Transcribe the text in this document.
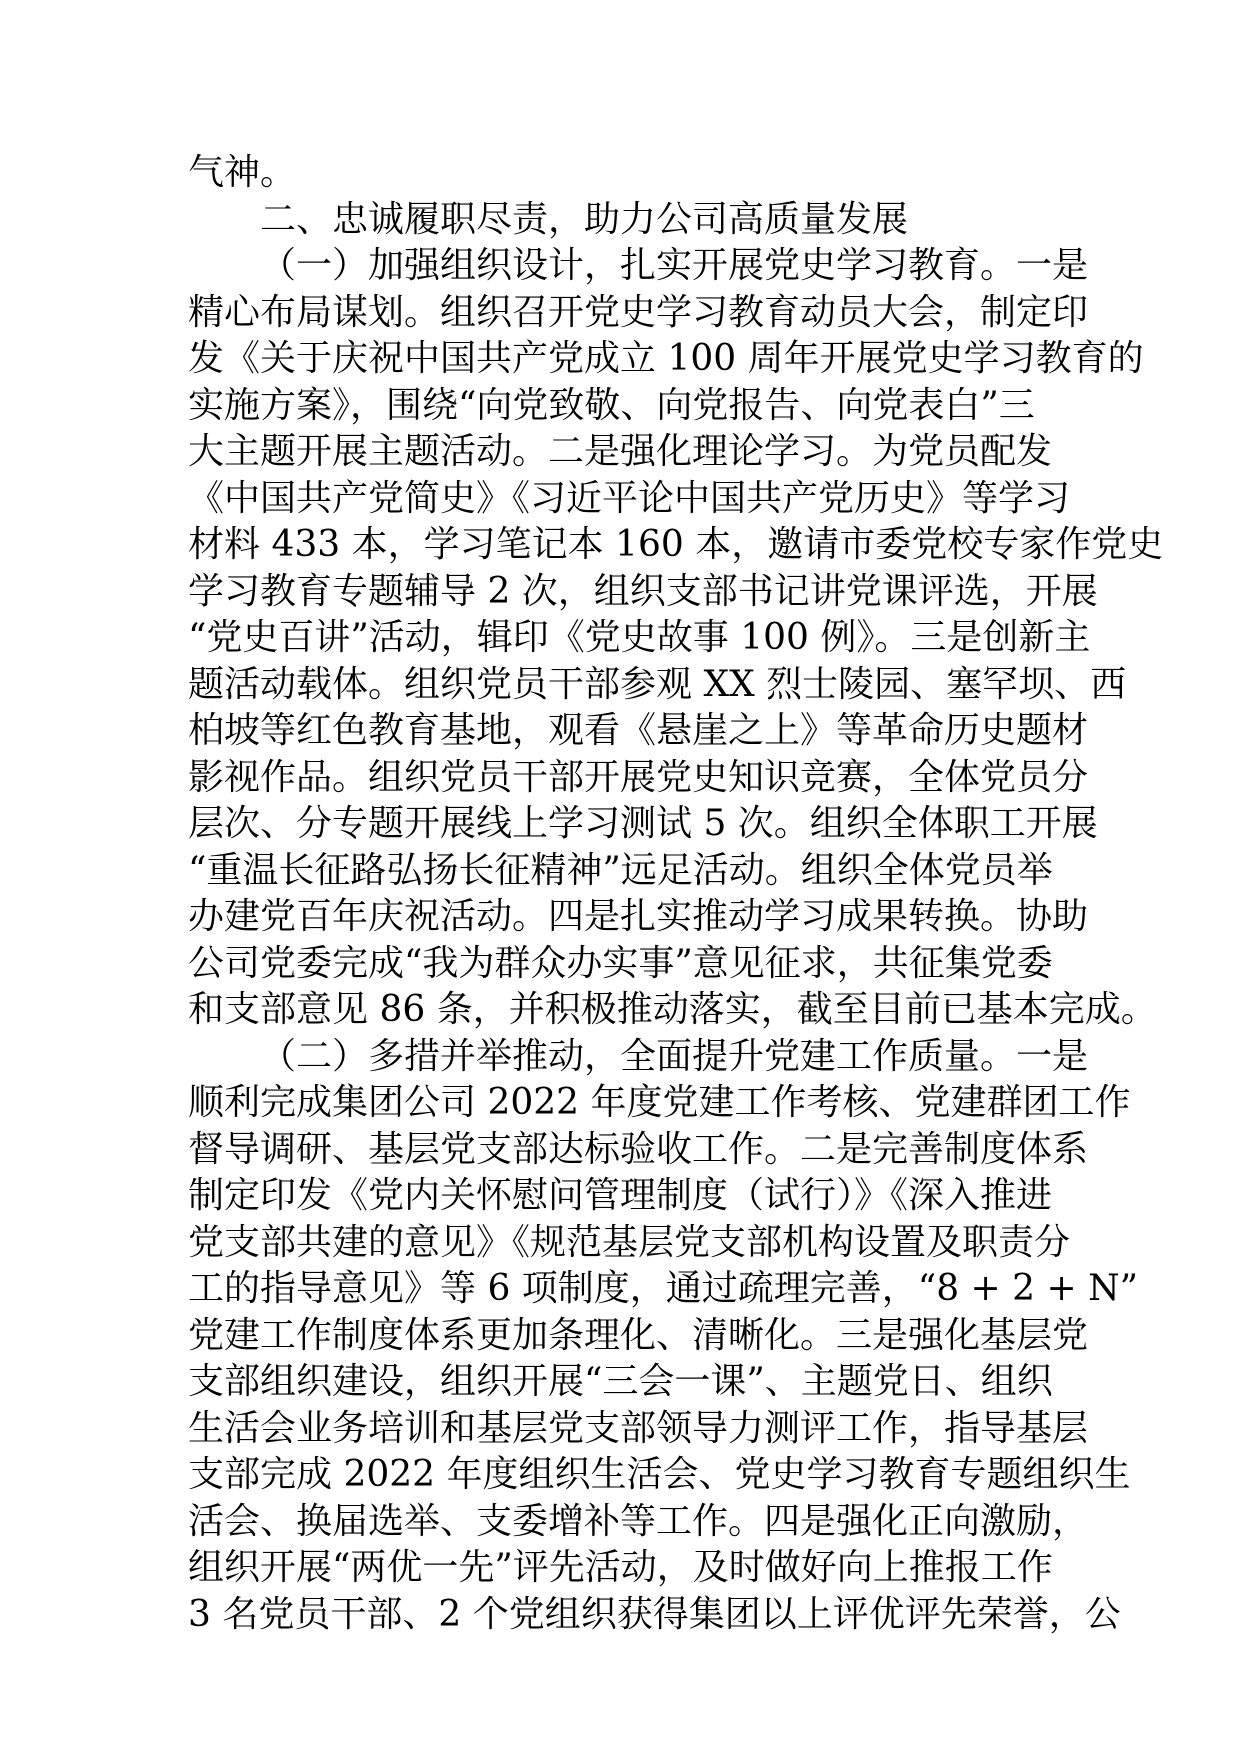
气神。
二、忠诚履职尽责，助力公司高质量发展
（一）加强组织设计，扎实开展党史学习教育。一是
精心布局谋划。组织召开党史学习教育动员大会，制定印
发《关于庆祝中国共产党成立 100 周年开展党史学习教育的
实施方案》，围绕“向党致敬、向党报告、向党表白”三
大主题开展主题活动。二是强化理论学习。为党员配发
《中国共产党简史》《习近平论中国共产党历史》等学习
材料 433 本，学习笔记本 160 本，邀请市委党校专家作党史
学习教育专题辅导 2 次，组织支部书记讲党课评选，开展
“党史百讲”活动，辑印《党史故事 100 例》。三是创新主
题活动载体。组织党员干部参观 XX 烈士陵园、塞罕坝、西
柏坡等红色教育基地，观看《悬崖之上》等革命历史题材
影视作品。组织党员干部开展党史知识竞赛，全体党员分
层次、分专题开展线上学习测试 5 次。组织全体职工开展
“重温长征路弘扬长征精神”远足活动。组织全体党员举
办建党百年庆祝活动。四是扎实推动学习成果转换。协助
公司党委完成“我为群众办实事”意见征求，共征集党委
和支部意见 86 条，并积极推动落实，截至目前已基本完成。
（二）多措并举推动，全面提升党建工作质量。一是
顺利完成集团公司 2022 年度党建工作考核、党建群团工作
督导调研、基层党支部达标验收工作。二是完善制度体系
制定印发《党内关怀慰问管理制度（试行）》《深入推进
党支部共建的意见》《规范基层党支部机构设置及职责分
工的指导意见》等 6 项制度，通过疏理完善，“8 + 2 + N”
党建工作制度体系更加条理化、清晰化。三是强化基层党
支部组织建设，组织开展“三会一课”、主题党日、组织
生活会业务培训和基层党支部领导力测评工作，指导基层
支部完成 2022 年度组织生活会、党史学习教育专题组织生
活会、换届选举、支委增补等工作。四是强化正向激励，
组织开展“两优一先”评先活动，及时做好向上推报工作
3 名党员干部、2 个党组织获得集团以上评优评先荣誉，公
